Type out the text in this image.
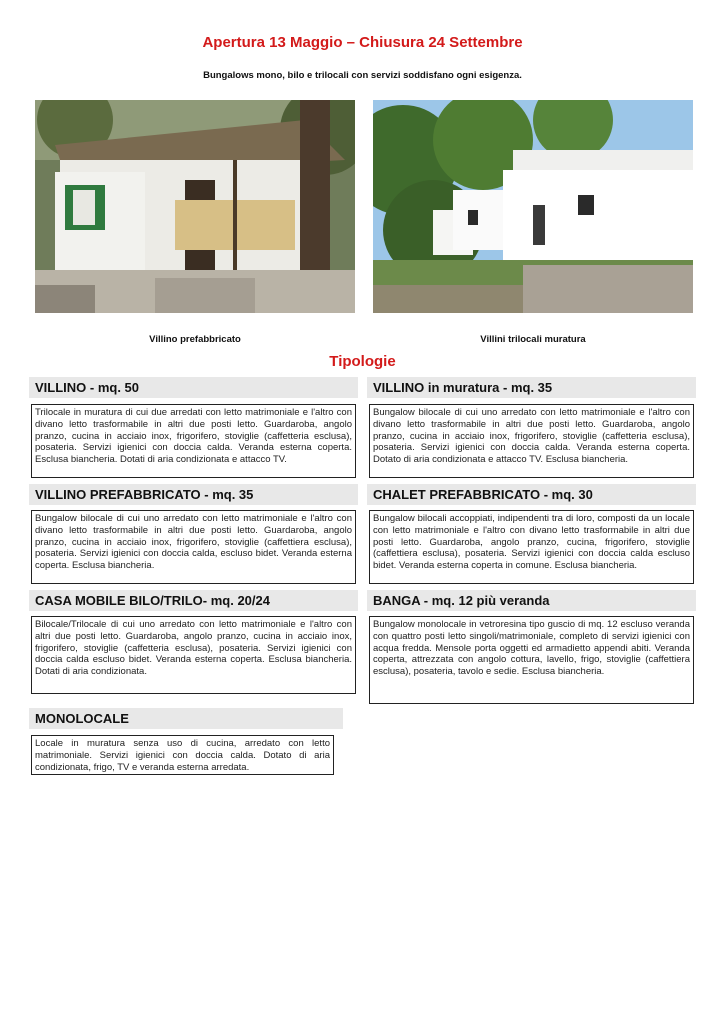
Apertura 13 Maggio – Chiusura 24 Settembre
Bungalows mono, bilo e trilocali con servizi soddisfano ogni esigenza.
Villino prefabbricato	Villini trilocali muratura
Tipologie
VILLINO - mq. 50
Trilocale in muratura di cui due arredati con letto matrimoniale e l'altro con divano letto trasformabile in altri due posti letto. Guardaroba, angolo pranzo, cucina in acciaio inox, frigorifero, stoviglie (caffetteria esclusa), posateria. Servizi igienici con doccia calda. Veranda esterna coperta. Esclusa biancheria. Dotati di aria condizionata e attacco TV.
VILLINO in muratura - mq. 35
Bungalow bilocale di cui uno arredato con letto matrimoniale e l'altro con divano letto trasformabile in altri due posti letto. Guardaroba, angolo pranzo, cucina in acciaio inox, frigorifero, stoviglie (caffetteria esclusa), posateria. Servizi igienici con doccia calda. Veranda esterna coperta. Dotato di aria condizionata e attacco TV. Esclusa biancheria.
VILLINO PREFABBRICATO - mq. 35
Bungalow bilocale di cui uno arredato con letto matrimoniale e l'altro con divano letto trasformabile in altri due posti letto. Guardaroba, angolo pranzo, cucina in acciaio inox, frigorifero, stoviglie (caffettiera esclusa), posateria. Servizi igienici con doccia calda, escluso bidet. Veranda esterna coperta. Esclusa biancheria.
CHALET PREFABBRICATO - mq. 30
Bungalow bilocali accoppiati, indipendenti tra di loro, composti da un locale con letto matrimoniale e l'altro con divano letto trasformabile in altri due posti letto. Guardaroba, angolo pranzo, cucina, frigorifero, stoviglie (caffettiera esclusa), posateria. Servizi igienici con doccia calda escluso bidet. Veranda esterna coperta in comune. Esclusa biancheria.
CASA MOBILE BILO/TRILO- mq. 20/24
Bilocale/Trilocale di cui uno arredato con letto matrimoniale e l'altro con altri due posti letto. Guardaroba, angolo pranzo, cucina in acciaio inox, frigorifero, stoviglie (caffetteria esclusa), posateria. Servizi igienici con doccia calda escluso bidet. Veranda esterna coperta. Esclusa biancheria. Dotati di aria condizionata.
BANGA - mq. 12 più veranda
Bungalow monolocale in vetroresina tipo guscio di mq. 12 escluso veranda con quattro posti letto singoli/matrimoniale, completo di servizi igienici con acqua fredda. Mensole porta oggetti ed armadietto appendi abiti. Veranda coperta, attrezzata con angolo cottura, lavello, frigo, stoviglie (caffettiera esclusa), posateria, tavolo e sedie. Esclusa biancheria.
MONOLOCALE
Locale in muratura senza uso di cucina, arredato con letto matrimoniale. Servizi igienici con doccia calda. Dotato di aria condizionata, frigo, TV e veranda esterna arredata.
